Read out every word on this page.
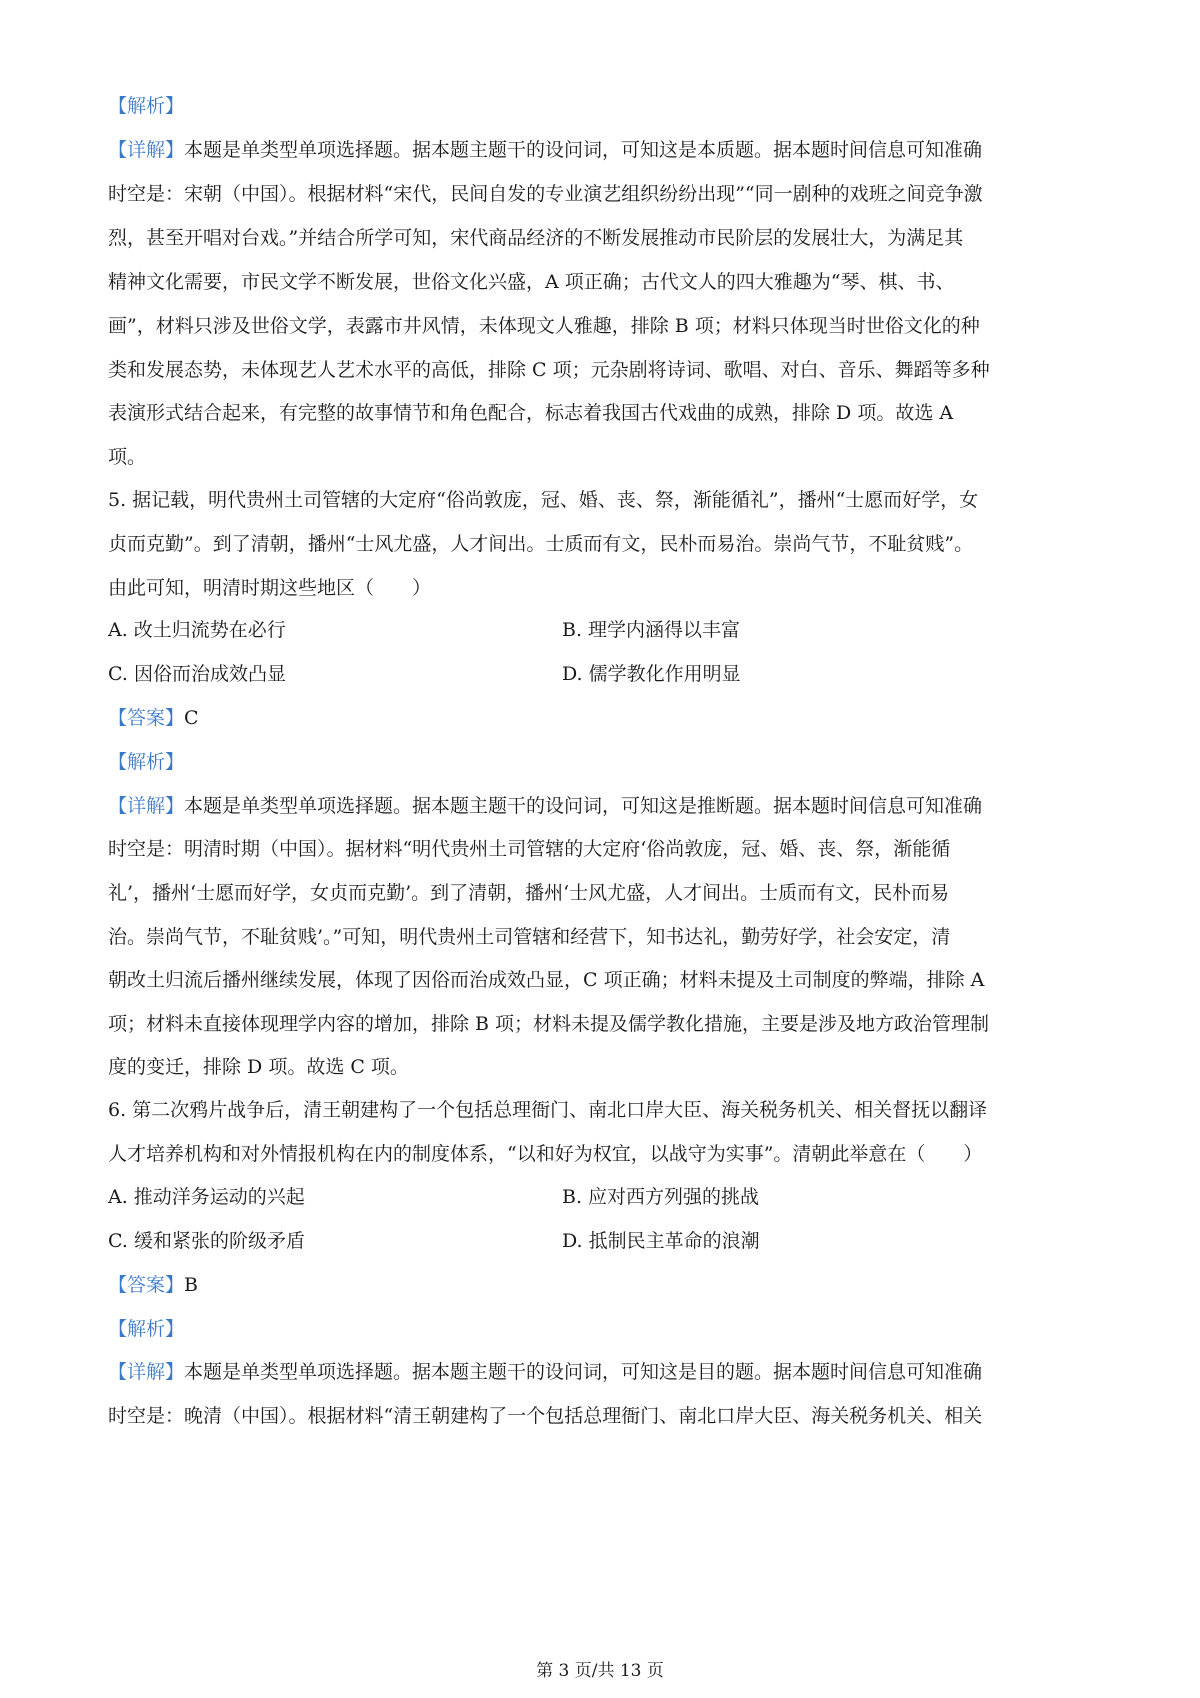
【解析】
【详解】本题是单类型单项选择题。据本题主题干的设问词，可知这是本质题。据本题时间信息可知准确
时空是：宋朝（中国）。根据材料“宋代，民间自发的专业演艺组织纷纷出现”“同一剧种的戏班之间竞争激
烈，甚至开唱对台戏。”并结合所学可知，宋代商品经济的不断发展推动市民阶层的发展壮大，为满足其
精神文化需要，市民文学不断发展，世俗文化兴盛，A 项正确；古代文人的四大雅趣为“琴、棋、书、
画”，材料只涉及世俗文学，表露市井风情，未体现文人雅趣，排除 B 项；材料只体现当时世俗文化的种
类和发展态势，未体现艺人艺术水平的高低，排除 C 项；元杂剧将诗词、歌唱、对白、音乐、舞蹈等多种
表演形式结合起来，有完整的故事情节和角色配合，标志着我国古代戏曲的成熟，排除 D 项。故选 A
项。
5. 据记载，明代贵州土司管辖的大定府“俗尚敦庞，冠、婚、丧、祭，渐能循礼”，播州“士愿而好学，女
贞而克勤”。到了清朝，播州“士风尤盛，人才间出。士质而有文，民朴而易治。崇尚气节，不耻贫贱”。
由此可知，明清时期这些地区（　　）
A. 改土归流势在必行	B. 理学内涵得以丰富
C. 因俗而治成效凸显	D. 儒学教化作用明显
【答案】C
【解析】
【详解】本题是单类型单项选择题。据本题主题干的设问词，可知这是推断题。据本题时间信息可知准确
时空是：明清时期（中国）。据材料“明代贵州土司管辖的大定府‘俗尚敦庞，冠、婚、丧、祭，渐能循
礼’，播州‘士愿而好学，女贞而克勤’。到了清朝，播州‘士风尤盛，人才间出。士质而有文，民朴而易
治。崇尚气节，不耻贫贱’。”可知，明代贵州土司管辖和经营下，知书达礼，勤劳好学，社会安定，清
朝改土归流后播州继续发展，体现了因俗而治成效凸显，C 项正确；材料未提及土司制度的弊端，排除 A
项；材料未直接体现理学内容的增加，排除 B 项；材料未提及儒学教化措施，主要是涉及地方政治管理制
度的变迁，排除 D 项。故选 C 项。
6. 第二次鸦片战争后，清王朝建构了一个包括总理衙门、南北口岸大臣、海关税务机关、相关督抚以翻译
人才培养机构和对外情报机构在内的制度体系，“以和好为权宜，以战守为实事”。清朝此举意在（　　）
A. 推动洋务运动的兴起	B. 应对西方列强的挑战
C. 缓和紧张的阶级矛盾	D. 抵制民主革命的浪潮
【答案】B
【解析】
【详解】本题是单类型单项选择题。据本题主题干的设问词，可知这是目的题。据本题时间信息可知准确
时空是：晚清（中国）。根据材料“清王朝建构了一个包括总理衙门、南北口岸大臣、海关税务机关、相关
第 3 页/共 13 页
